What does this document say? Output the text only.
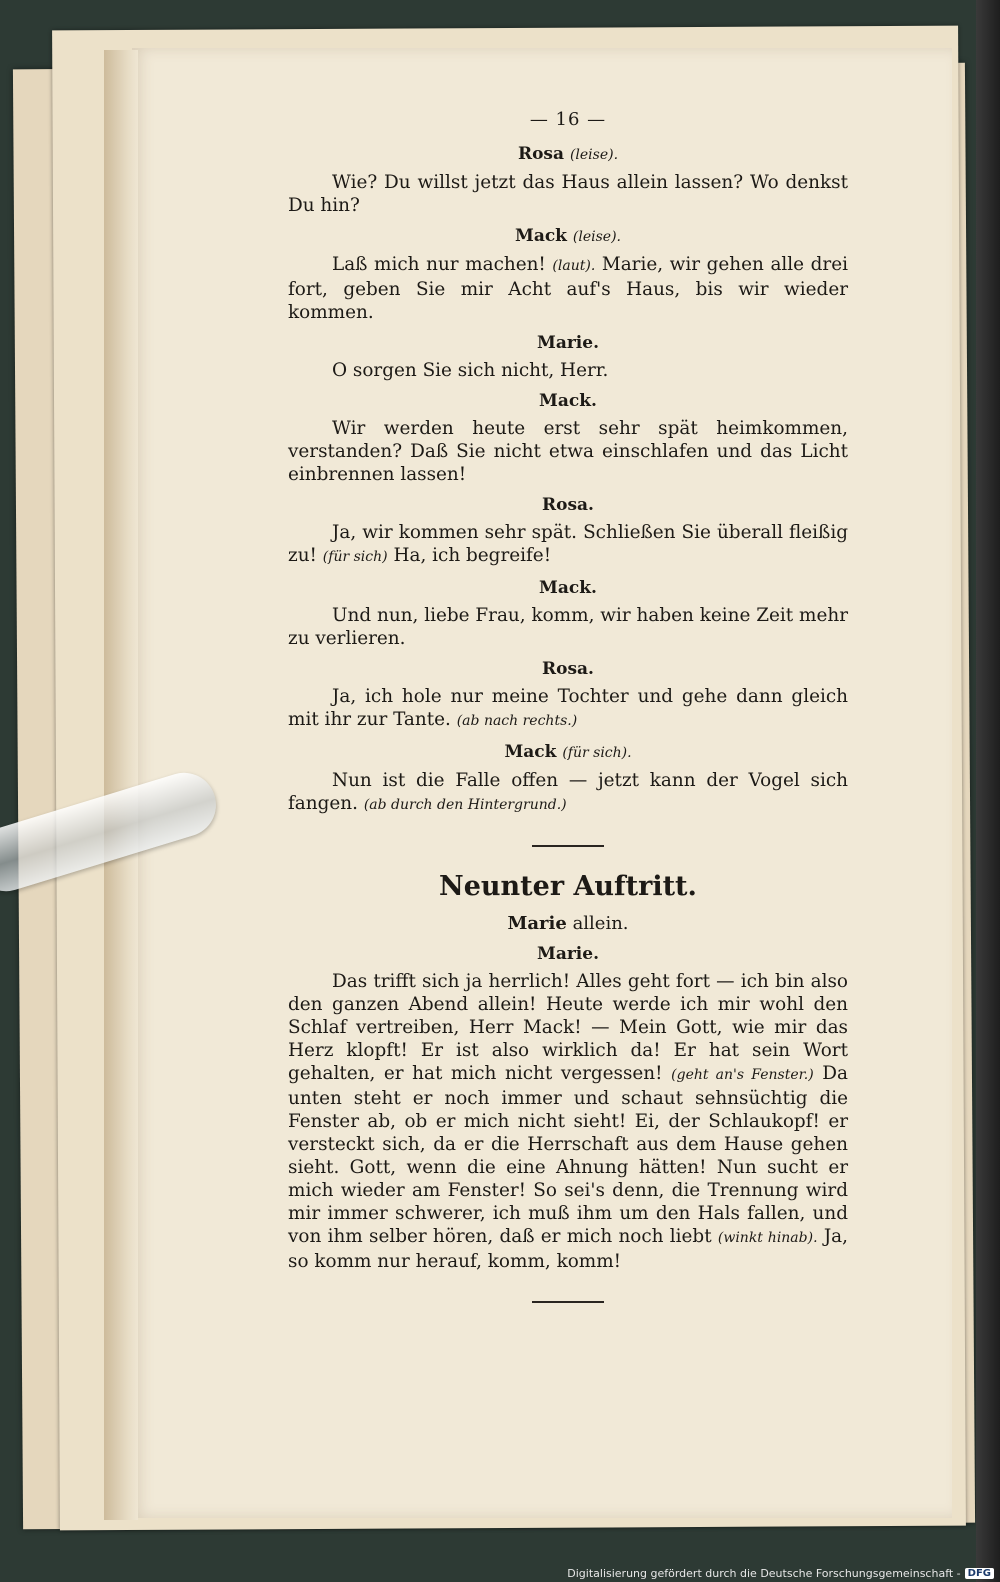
— 16 —
Rosa (leise).

Wie? Du willst jetzt das Haus allein lassen? Wo denkst Du hin?

Mack (leise).

Laß mich nur machen! (laut). Marie, wir gehen alle drei fort, geben Sie mir Acht auf's Haus, bis wir wieder kommen.

Marie.

O sorgen Sie sich nicht, Herr.

Mack.

Wir werden heute erst sehr spät heimkommen, verstanden? Daß Sie nicht etwa einschlafen und das Licht einbrennen lassen!

Rosa.

Ja, wir kommen sehr spät. Schließen Sie überall fleißig zu! (für sich) Ha, ich begreife!

Mack.

Und nun, liebe Frau, komm, wir haben keine Zeit mehr zu verlieren.

Rosa.

Ja, ich hole nur meine Tochter und gehe dann gleich mit ihr zur Tante. (ab nach rechts.)

Mack (für sich).

Nun ist die Falle offen — jetzt kann der Vogel sich fangen. (ab durch den Hintergrund.)

Neunter Auftritt.
Marie allein.
Marie.

Das trifft sich ja herrlich! Alles geht fort — ich bin also den ganzen Abend allein! Heute werde ich mir wohl den Schlaf vertreiben, Herr Mack! — Mein Gott, wie mir das Herz klopft! Er ist also wirklich da! Er hat sein Wort gehalten, er hat mich nicht vergessen! (geht an's Fenster.) Da unten steht er noch immer und schaut sehnsüchtig die Fenster ab, ob er mich nicht sieht! Ei, der Schlaukopf! er versteckt sich, da er die Herrschaft aus dem Hause gehen sieht. Gott, wenn die eine Ahnung hätten! Nun sucht er mich wieder am Fenster! So sei's denn, die Trennung wird mir immer schwerer, ich muß ihm um den Hals fallen, und von ihm selber hören, daß er mich noch liebt (winkt hinab). Ja, so komm nur herauf, komm, komm!

Digitalisierung gefördert durch die Deutsche Forschungsgemeinschaft - DFG
